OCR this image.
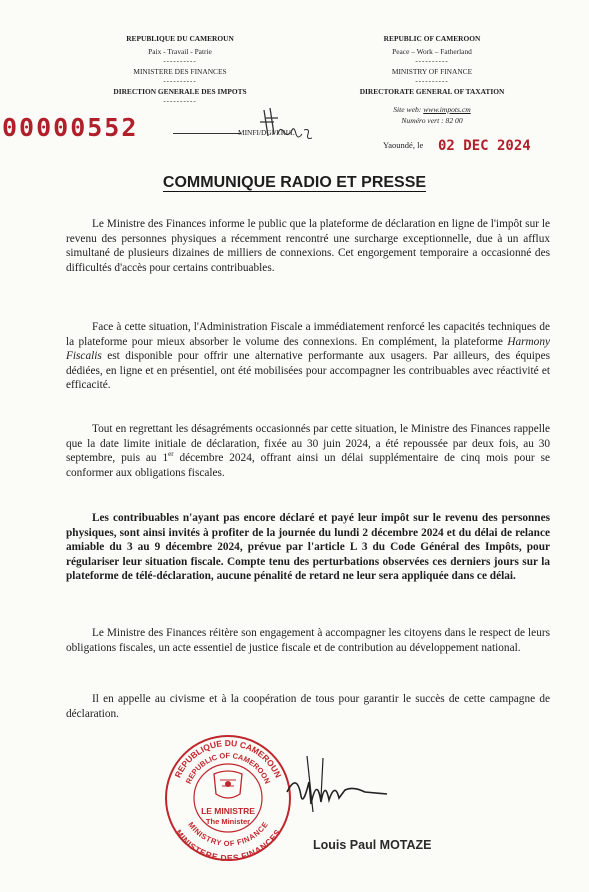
REPUBLIQUE DU CAMEROUN
Paix - Travail - Patrie
----------
MINISTERE DES FINANCES
----------
DIRECTION GENERALE DES IMPOTS
----------
REPUBLIC OF CAMEROON
Peace – Work – Fatherland
----------
MINISTRY OF FINANCE
----------
DIRECTORATE GENERAL OF TAXATION
Site web: www.impots.cm
Numéro vert : 82 00
00000552	MINFI/DGI/LRI/L
Yaoundé, le 02 DEC 2024
COMMUNIQUE RADIO ET PRESSE

Le Ministre des Finances informe le public que la plateforme de déclaration en ligne de l'impôt sur le revenu des personnes physiques a récemment rencontré une surcharge exceptionnelle, due à un afflux simultané de plusieurs dizaines de milliers de connexions. Cet engorgement temporaire a occasionné des difficultés d'accès pour certains contribuables.

Face à cette situation, l'Administration Fiscale a immédiatement renforcé les capacités techniques de la plateforme pour mieux absorber le volume des connexions. En complément, la plateforme Harmony Fiscalis est disponible pour offrir une alternative performante aux usagers. Par ailleurs, des équipes dédiées, en ligne et en présentiel, ont été mobilisées pour accompagner les contribuables avec réactivité et efficacité.

Tout en regrettant les désagréments occasionnés par cette situation, le Ministre des Finances rappelle que la date limite initiale de déclaration, fixée au 30 juin 2024, a été repoussée par deux fois, au 30 septembre, puis au 1er décembre 2024, offrant ainsi un délai supplémentaire de cinq mois pour se conformer aux obligations fiscales.

Les contribuables n'ayant pas encore déclaré et payé leur impôt sur le revenu des personnes physiques, sont ainsi invités à profiter de la journée du lundi 2 décembre 2024 et du délai de relance amiable du 3 au 9 décembre 2024, prévue par l'article L 3 du Code Général des Impôts, pour régulariser leur situation fiscale. Compte tenu des perturbations observées ces derniers jours sur la plateforme de télé-déclaration, aucune pénalité de retard ne leur sera appliquée dans ce délai.

Le Ministre des Finances réitère son engagement à accompagner les citoyens dans le respect de leurs obligations fiscales, un acte essentiel de justice fiscale et de contribution au développement national.

Il en appelle au civisme et à la coopération de tous pour garantir le succès de cette campagne de déclaration.

REPUBLIQUE DU CAMEROUN
REPUBLIC OF CAMEROON
MINISTERE DES FINANCES
MINISTRY OF FINANCE
LE MINISTRE
The Minister
Louis Paul MOTAZE
